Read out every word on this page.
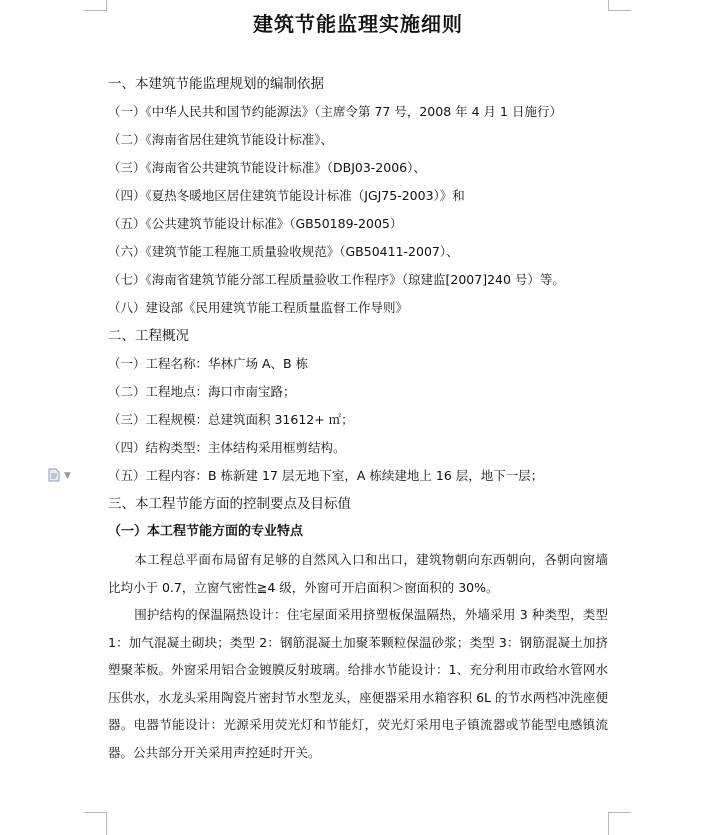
建筑节能监理实施细则
一、本建筑节能监理规划的编制依据
（一）《中华人民共和国节约能源法》（主席令第 77 号，2008 年 4 月 1 日施行）
（二）《海南省居住建筑节能设计标准》、
（三）《海南省公共建筑节能设计标准》（DBJ03-2006）、
（四）《夏热冬暖地区居住建筑节能设计标准（JGJ75-2003）》和
（五）《公共建筑节能设计标准》（GB50189-2005）
（六）《建筑节能工程施工质量验收规范》（GB50411-2007）、
（七）《海南省建筑节能分部工程质量验收工作程序》（琼建监[2007]240 号）等。
（八）建设部《民用建筑节能工程质量监督工作导则》
二、工程概况
（一）工程名称：华林广场 A、B 栋
（二）工程地点：海口市南宝路；
（三）工程规模：总建筑面积 31612+ ㎡；
（四）结构类型：主体结构采用框剪结构。
（五）工程内容：B 栋新建 17 层无地下室，A 栋续建地上 16 层，地下一层；
三、本工程节能方面的控制要点及目标值
（一）本工程节能方面的专业特点
本工程总平面布局留有足够的自然风入口和出口，建筑物朝向东西朝向，各朝向窗墙比均小于 0.7，立窗气密性≧4 级，外窗可开启面积＞窗面积的 30%。
围护结构的保温隔热设计：住宅屋面采用挤塑板保温隔热，外墙采用 3 种类型，类型 1：加气混凝土砌块；类型 2：钢筋混凝土加聚苯颗粒保温砂浆；类型 3：钢筋混凝土加挤塑聚苯板。外窗采用铝合金镀膜反射玻璃。给排水节能设计：1、充分利用市政给水管网水压供水，水龙头采用陶瓷片密封节水型龙头，座便器采用水箱容积 6L 的节水两档冲洗座便器。电器节能设计：光源采用荧光灯和节能灯，荧光灯采用电子镇流器或节能型电感镇流器。公共部分开关采用声控延时开关。
▼
